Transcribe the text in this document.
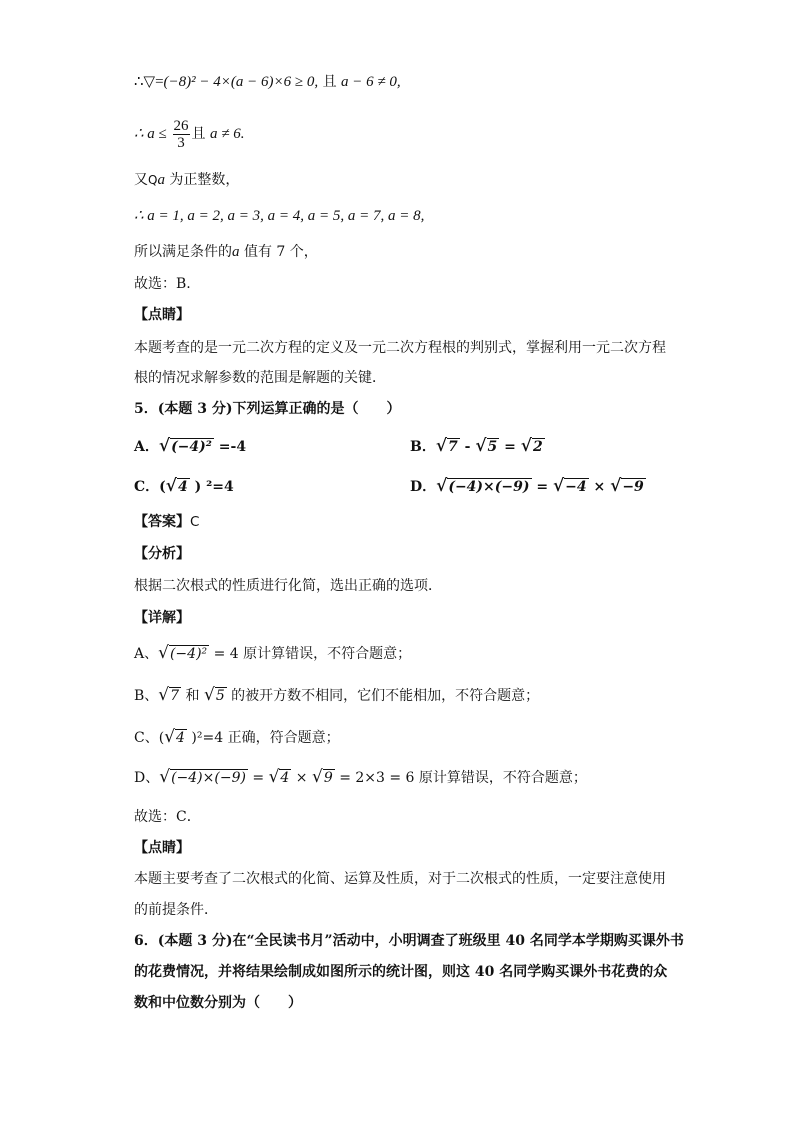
∴▽=(−8)² − 4×(a − 6)×6 ≥ 0, 且 a − 6 ≠ 0,
∴ $a \le \frac{26}{3}$ 且 a ≠ 6.
又Qa 为正整数，
∴ a = 1, a = 2, a = 3, a = 4, a = 5, a = 7, a = 8,
所以满足条件的a 值有 7 个，
故选：B.
【点睛】
本题考查的是一元二次方程的定义及一元二次方程根的判别式，掌握利用一元二次方程
根的情况求解参数的范围是解题的关键．
5．(本题 3 分)下列运算正确的是（　　）
A．√(−4)² =-4	B．√7 - √5 = √2
C．(√4 ) ²=4	D．√(−4)×(−9) = √−4 × √−9
【答案】C
【分析】
根据二次根式的性质进行化简，选出正确的选项．
【详解】
A、√(−4)² = 4 原计算错误，不符合题意；
B、√7 和 √5 的被开方数不相同，它们不能相加，不符合题意；
C、(√4 )²=4 正确，符合题意；
D、√(−4)×(−9) = √4 × √9 = 2×3 = 6 原计算错误，不符合题意；
故选：C．
【点睛】
本题主要考查了二次根式的化简、运算及性质，对于二次根式的性质，一定要注意使用
的前提条件．
6．(本题 3 分)在“全民读书月”活动中，小明调查了班级里 40 名同学本学期购买课外书
的花费情况，并将结果绘制成如图所示的统计图，则这 40 名同学购买课外书花费的众
数和中位数分别为（　　）
